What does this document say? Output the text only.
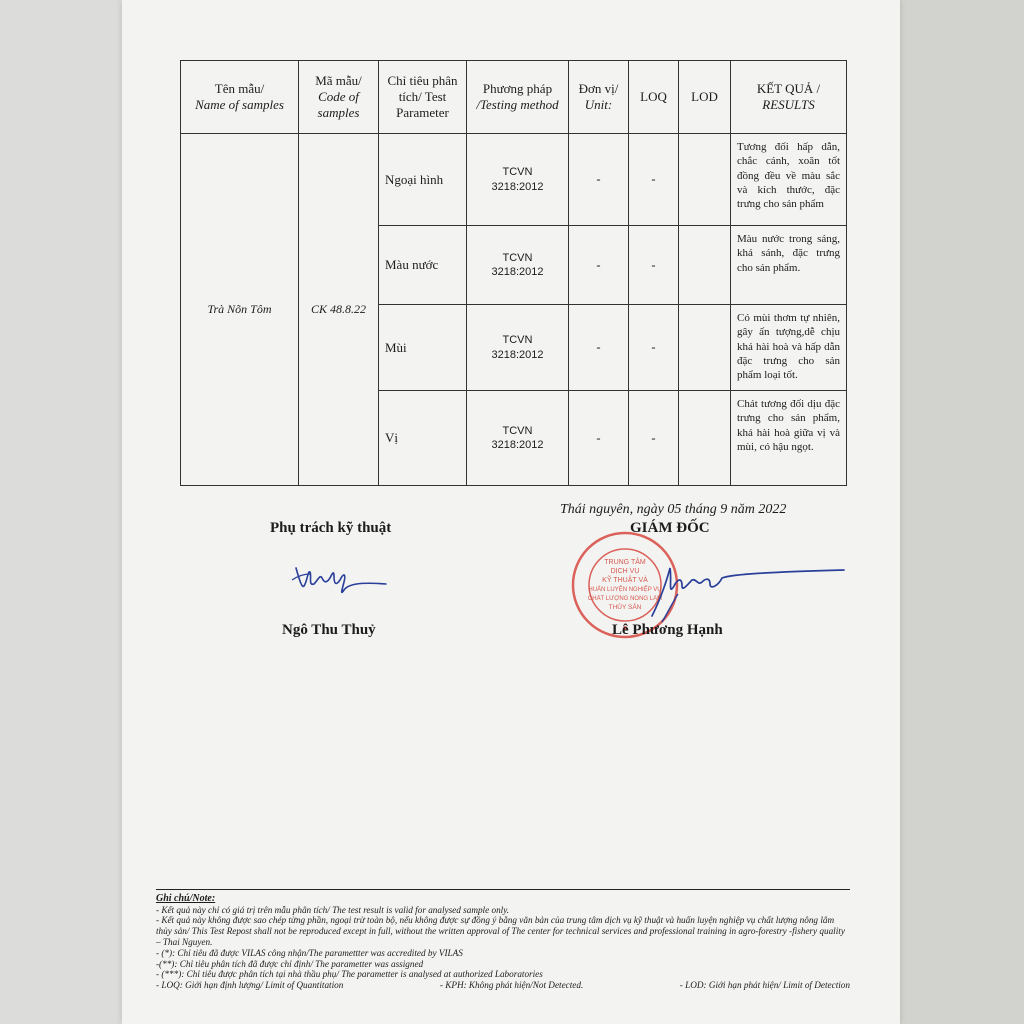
Tên mẫu/
Name of samples	Mã mẫu/
Code of samples	Chỉ tiêu phân tích/ Test Parameter	Phương pháp
/Testing method	Đơn vị/
Unit:	LOQ	LOD	KẾT QUẢ /
RESULTS
Trà Nõn Tôm	CK 48.8.22	Ngoại hình	TCVN
3218:2012	-	-		Tương đối hấp dẫn, chắc cánh, xoăn tốt đồng đều về màu sắc và kích thước, đặc trưng cho sản phẩm
		Màu nước	TCVN
3218:2012	-	-		Màu nước trong sáng, khá sánh, đặc trưng cho sản phẩm.
		Mùi	TCVN
3218:2012	-	-		Có mùi thơm tự nhiên, gây ấn tượng,dễ chịu khá hài hoà và hấp dẫn đặc trưng cho sản phẩm loại tốt.
		Vị	TCVN
3218:2012	-	-		Chát tương đối dịu đặc trưng cho sản phẩm, khá hài hoà giữa vị và mùi, có hậu ngọt.
Thái nguyên, ngày 05 tháng 9 năm 2022
Phụ trách kỹ thuật	GIÁM ĐỐC
TRUNG TÂM
DỊCH VỤ
KỸ THUẬT VÀ
HUẤN LUYỆN NGHIỆP VỤ
CHẤT LƯỢNG NÔNG LÂM
THỦY SẢN
Ngô Thu Thuỷ	Lê Phương Hạnh

Ghi chú/Note:

- Kết quả này chỉ có giá trị trên mẫu phân tích/ The test result is valid for analysed sample only.

- Kết quả này không được sao chép từng phần, ngoại trừ toàn bộ, nếu không được sự đồng ý bằng văn bản của trung tâm dịch vụ kỹ thuật và huấn luyện nghiệp vụ chất lượng nông lâm thủy sản/ This Test Repost shall not be reproduced except in full, without the written approval of The center for technical services and professional training in agro-forestry -fishery quality – Thai Nguyen.

- (*): Chỉ tiêu đã được VILAS công nhận/The paramettter was accredited by VILAS

-(**): Chỉ tiêu phân tích đã được chỉ định/ The parametter was assigned

- (***): Chỉ tiêu được phân tích tại nhà thầu phụ/ The parametter is analysed at authorized Laboratories

- LOQ: Giới hạn định lượng/ Limit of Quantitation	- KPH: Không phát hiện/Not Detected.	- LOD: Giới hạn phát hiện/ Limit of Detection
